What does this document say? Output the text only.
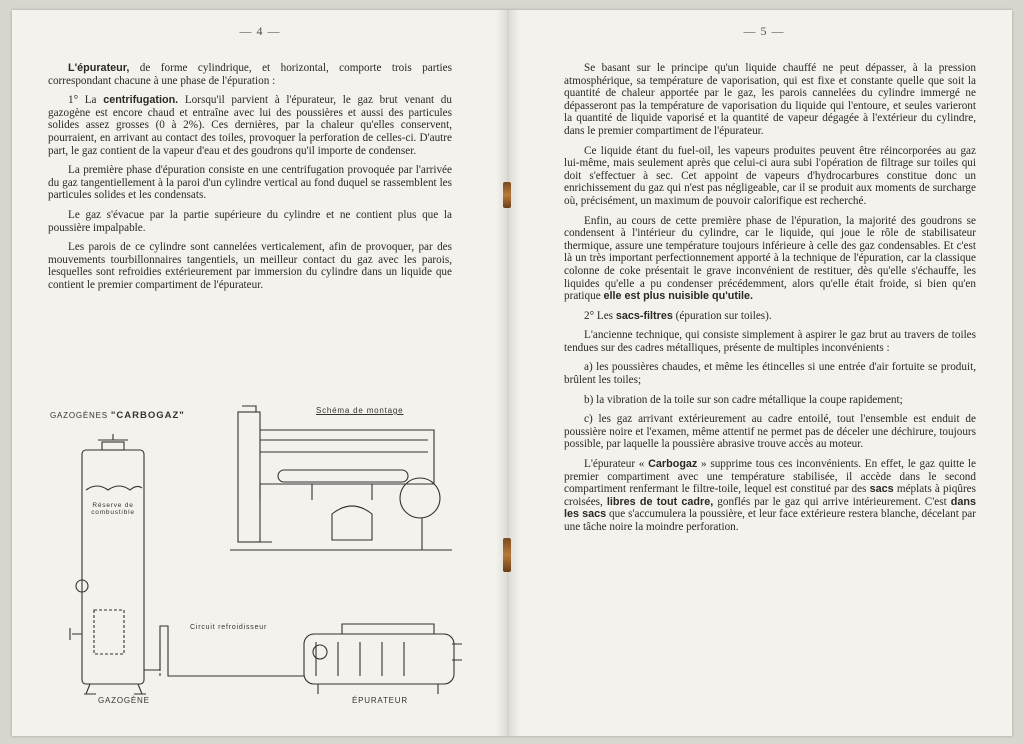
— 4 —

L'épurateur, de forme cylindrique, et horizontal, comporte trois parties correspondant chacune à une phase de l'épuration :

1° La centrifugation. Lorsqu'il parvient à l'épurateur, le gaz brut venant du gazogène est encore chaud et entraîne avec lui des poussières et aussi des particules solides assez grosses (0 à 2%). Ces dernières, par la chaleur qu'elles conservent, pourraient, en arrivant au contact des toiles, provoquer la perforation de celles-ci. D'autre part, le gaz contient de la vapeur d'eau et des goudrons qu'il importe de condenser.

La première phase d'épuration consiste en une centrifugation provoquée par l'arrivée du gaz tangentiellement à la paroi d'un cylindre vertical au fond duquel se rassemblent les particules solides et les condensats.

Le gaz s'évacue par la partie supérieure du cylindre et ne contient plus que la poussière impalpable.

Les parois de ce cylindre sont cannelées verticalement, afin de provoquer, par des mouvements tourbillonnaires tangentiels, un meilleur contact du gaz avec les parois, lesquelles sont refroidies extérieurement par immersion du cylindre dans un liquide que contient le premier compartiment de l'épurateur.

GAZOGÈNES "CARBOGAZ"	Schéma de montage
Réserve de
combustible
Circuit refroidisseur
GAZOGÈNE	ÉPURATEUR
— 5 —

Se basant sur le principe qu'un liquide chauffé ne peut dépasser, à la pression atmosphérique, sa température de vaporisation, qui est fixe et constante quelle que soit la quantité de chaleur apportée par le gaz, les parois cannelées du cylindre immergé ne dépasseront pas la température de vaporisation du liquide qui l'entoure, et seules varieront la quantité de liquide vaporisé et la quantité de vapeur dégagée à l'extérieur du cylindre, dans le premier compartiment de l'épurateur.

Ce liquide étant du fuel-oil, les vapeurs produites peuvent être réincorporées au gaz lui-même, mais seulement après que celui-ci aura subi l'opération de filtrage sur toiles qui doit s'effectuer à sec. Cet appoint de vapeurs d'hydrocarbures constitue donc un enrichissement du gaz qui n'est pas négligeable, car il se produit aux moments de surcharge où, précisément, un maximum de pouvoir calorifique est recherché.

Enfin, au cours de cette première phase de l'épuration, la majorité des goudrons se condensent à l'intérieur du cylindre, car le liquide, qui joue le rôle de stabilisateur thermique, assure une température toujours inférieure à celle des gaz condensables. Et c'est là un très important perfectionnement apporté à la technique de l'épuration, car la classique colonne de coke présentait le grave inconvénient de restituer, dès qu'elle s'échauffe, les liquides qu'elle a pu condenser précédemment, alors qu'elle était froide, si bien qu'en pratique elle est plus nuisible qu'utile.

2° Les sacs-filtres (épuration sur toiles).

L'ancienne technique, qui consiste simplement à aspirer le gaz brut au travers de toiles tendues sur des cadres métalliques, présente de multiples inconvénients :

a) les poussières chaudes, et même les étincelles si une entrée d'air fortuite se produit, brûlent les toiles;

b) la vibration de la toile sur son cadre métallique la coupe rapidement;

c) les gaz arrivant extérieurement au cadre entoilé, tout l'ensemble est enduit de poussière noire et l'examen, même attentif ne permet pas de déceler une déchirure, toujours possible, par laquelle la poussière abrasive trouve accès au moteur.

L'épurateur « Carbogaz » supprime tous ces inconvénients. En effet, le gaz quitte le premier compartiment avec une température stabilisée, il accède dans le second compartiment renfermant le filtre-toile, lequel est constitué par des sacs méplats à piqûres croisées, libres de tout cadre, gonflés par le gaz qui arrive intérieurement. C'est dans les sacs que s'accumulera la poussière, et leur face extérieure restera blanche, décelant par une tâche noire la moindre perforation.
